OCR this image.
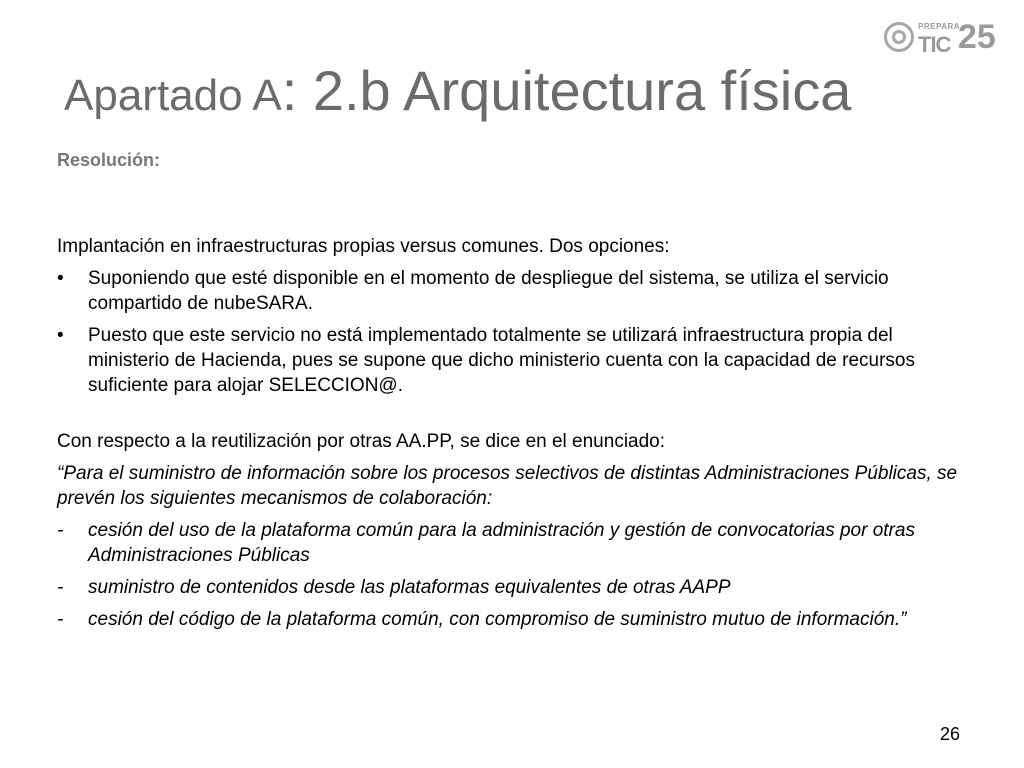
PREPARA
TIC 25
Apartado A: 2.b Arquitectura física
Resolución:

Implantación en infraestructuras propias versus comunes. Dos opciones:

• Suponiendo que esté disponible en el momento de despliegue del sistema, se utiliza el servicio compartido de nubeSARA.

• Puesto que este servicio no está implementado totalmente se utilizará infraestructura propia del ministerio de Hacienda, pues se supone que dicho ministerio cuenta con la capacidad de recursos suficiente para alojar SELECCION@.

Con respecto a la reutilización por otras AA.PP, se dice en el enunciado:

“Para el suministro de información sobre los procesos selectivos de distintas Administraciones Públicas, se prevén los siguientes mecanismos de colaboración:

- cesión del uso de la plataforma común para la administración y gestión de convocatorias por otras Administraciones Públicas

- suministro de contenidos desde las plataformas equivalentes de otras AAPP

- cesión del código de la plataforma común, con compromiso de suministro mutuo de información.”

26
